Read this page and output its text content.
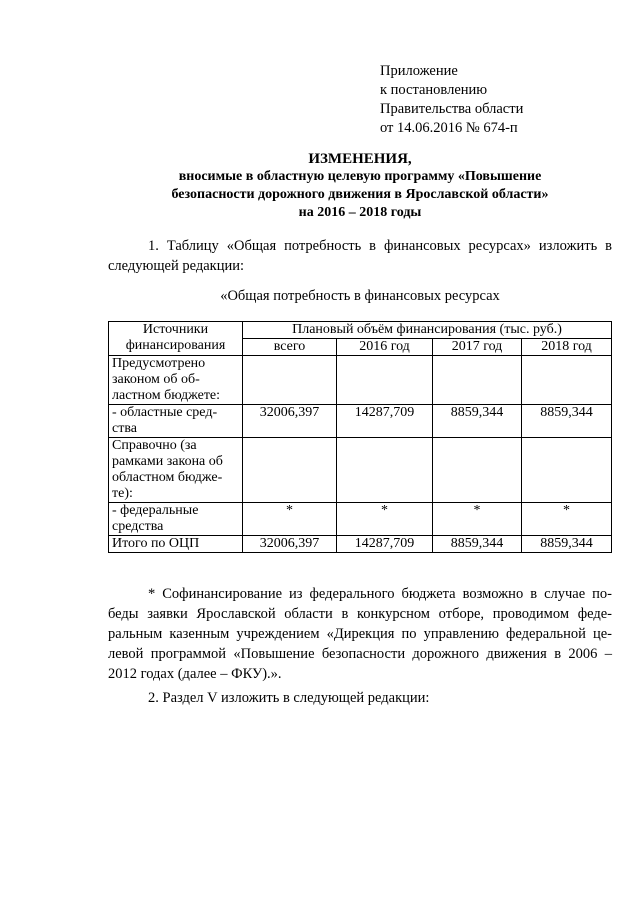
Приложение
к постановлению
Правительства области
от 14.06.2016 № 674-п
ИЗМЕНЕНИЯ,
вносимые в областную целевую программу «Повышение
безопасности дорожного движения в Ярославской области»
на 2016 – 2018 годы
1. Таблицу «Общая потребность в финансовых ресурсах» изложить в следующей редакции:
«Общая потребность в финансовых ресурсах
Источники финансирования	Плановый объём финансирования (тыс. руб.)			
	всего	2016 год	2017 год	2018 год
Предусмотрено законом об об-ластном бюджете:				
- областные сред-ства	32006,397	14287,709	8859,344	8859,344
Справочно (за рамками закона об областном бюдже-те):				
- федеральные средства	*	*	*	*
Итого по ОЦП	32006,397	14287,709	8859,344	8859,344
* Софинансирование из федерального бюджета возможно в случае по-беды заявки Ярославской области в конкурсном отборе, проводимом феде-ральным казенным учреждением «Дирекция по управлению федеральной це-левой программой «Повышение безопасности дорожного движения в 2006 – 2012 годах (далее – ФКУ).».
2. Раздел V изложить в следующей редакции:
